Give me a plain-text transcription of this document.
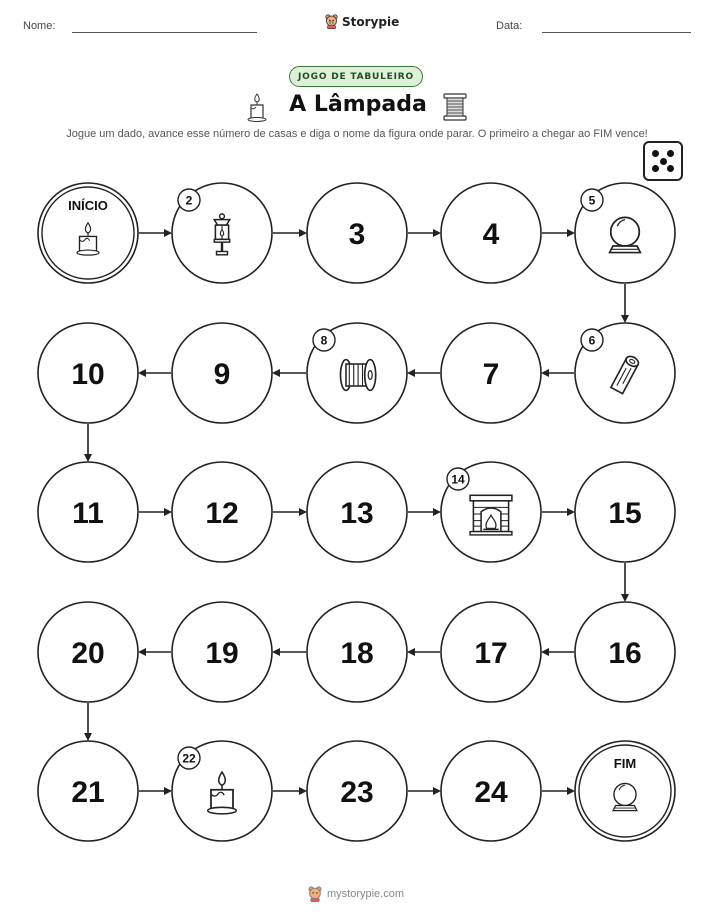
Nome:	Storypie	Data:
JOGO DE TABULEIRO
A Lâmpada
Jogue um dado, avance esse número de casas e diga o nome da figura onde parar. O primeiro a chegar ao FIM vence!
INÍCIO	2
3	4
5
6
7
8
9
10
11	12	13
14
15
16
17
18
19
20
21
22
23	24
FIM
mystorypie.com
